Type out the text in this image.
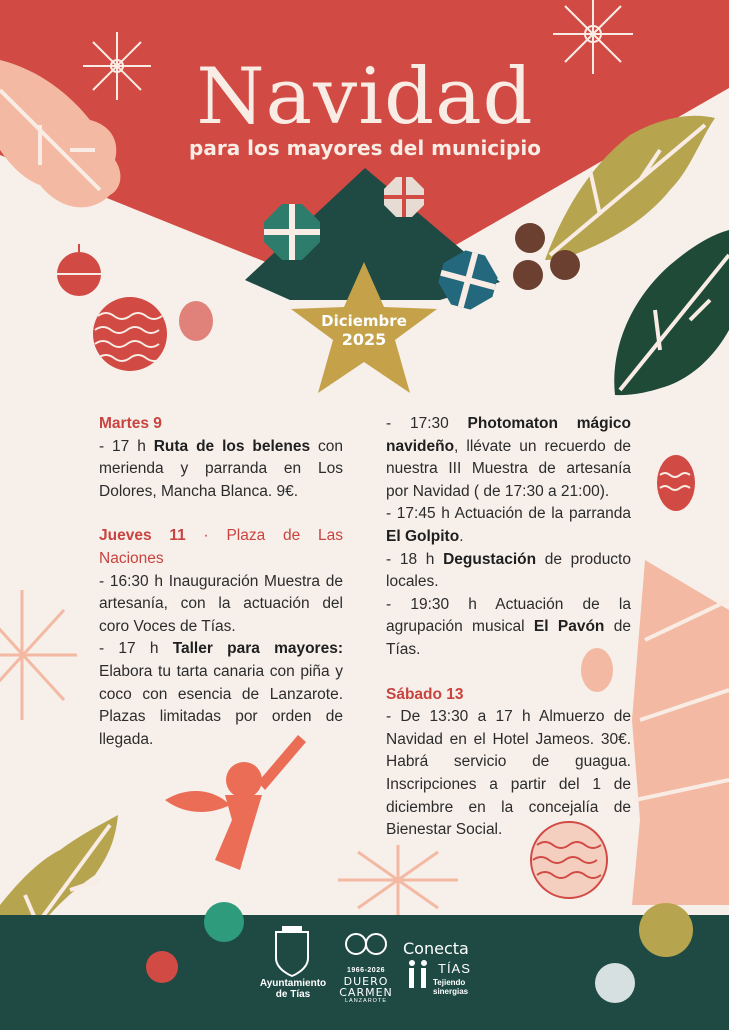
Navidad
para los mayores del municipio
Diciembre
2025

Martes 9

- 17 h Ruta de los belenes con merienda y parranda en Los Dolores, Mancha Blanca. 9€.

Jueves 11 · Plaza de Las Naciones

- 16:30 h Inauguración Muestra de artesanía, con la actuación del coro Voces de Tías.

- 17 h Taller para mayores: Elabora tu tarta canaria con piña y coco con esencia de Lanzarote. Plazas limitadas por orden de llegada.

- 17:30 Photomaton mágico navideño, llévate un recuerdo de nuestra III Muestra de artesanía por Navidad ( de 17:30 a 21:00).

- 17:45 h Actuación de la parranda El Golpito.

- 18 h Degustación de producto locales.

- 19:30 h Actuación de la agrupación musical El Pavón de Tías.

Sábado 13

- De 13:30 a 17 h Almuerzo de Navidad en el Hotel Jameos. 30€. Habrá servicio de guagua. Inscripciones a partir del 1 de diciembre en la concejalía de Bienestar Social.

Ayuntamiento
de Tías
1966-2026
DUERO
CARMEN
LANZAROTE
Conecta
TÍAS
Tejiendo
sinergias
